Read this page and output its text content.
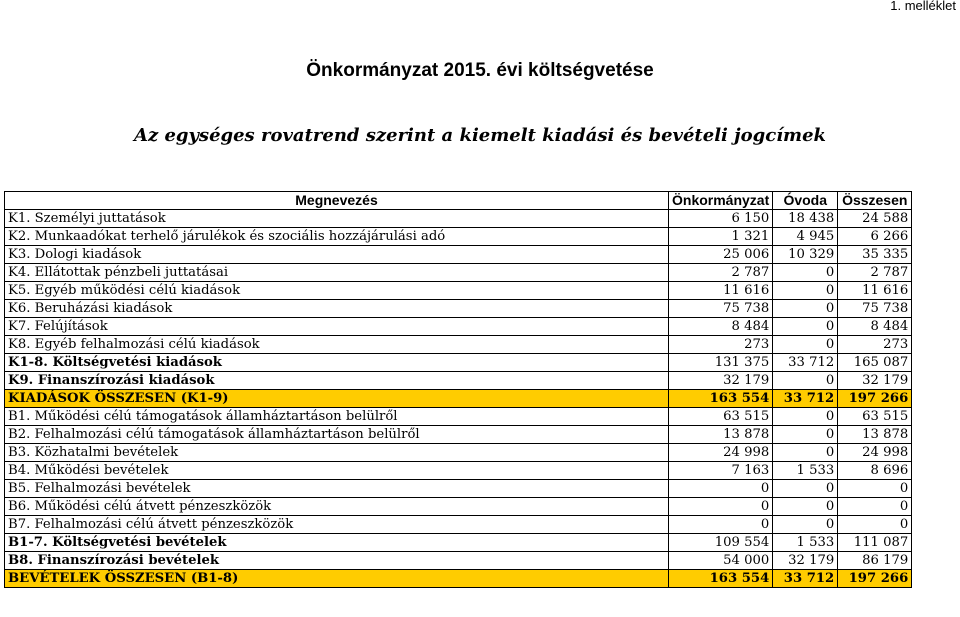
1. melléklet
Önkormányzat 2015. évi költségvetése
Az egységes rovatrend szerint a kiemelt kiadási és bevételi jogcímek
Megnevezés	Önkormányzat	Óvoda	Összesen
K1. Személyi juttatások	6 150	18 438	24 588
K2. Munkaadókat terhelő járulékok és szociális hozzájárulási adó	1 321	4 945	6 266
K3. Dologi kiadások	25 006	10 329	35 335
K4. Ellátottak pénzbeli juttatásai	2 787	0	2 787
K5. Egyéb működési célú kiadások	11 616	0	11 616
K6. Beruházási kiadások	75 738	0	75 738
K7. Felújítások	8 484	0	8 484
K8. Egyéb felhalmozási célú kiadások	273	0	273
K1-8. Költségvetési kiadások	131 375	33 712	165 087
K9. Finanszírozási kiadások	32 179	0	32 179
KIADÁSOK ÖSSZESEN (K1-9)	163 554	33 712	197 266
B1. Működési célú támogatások államháztartáson belülről	63 515	0	63 515
B2. Felhalmozási célú támogatások államháztartáson belülről	13 878	0	13 878
B3. Közhatalmi bevételek	24 998	0	24 998
B4. Működési bevételek	7 163	1 533	8 696
B5. Felhalmozási bevételek	0	0	0
B6. Működési célú átvett pénzeszközök	0	0	0
B7. Felhalmozási célú átvett pénzeszközök	0	0	0
B1-7. Költségvetési bevételek	109 554	1 533	111 087
B8. Finanszírozási bevételek	54 000	32 179	86 179
BEVÉTELEK ÖSSZESEN (B1-8)	163 554	33 712	197 266
